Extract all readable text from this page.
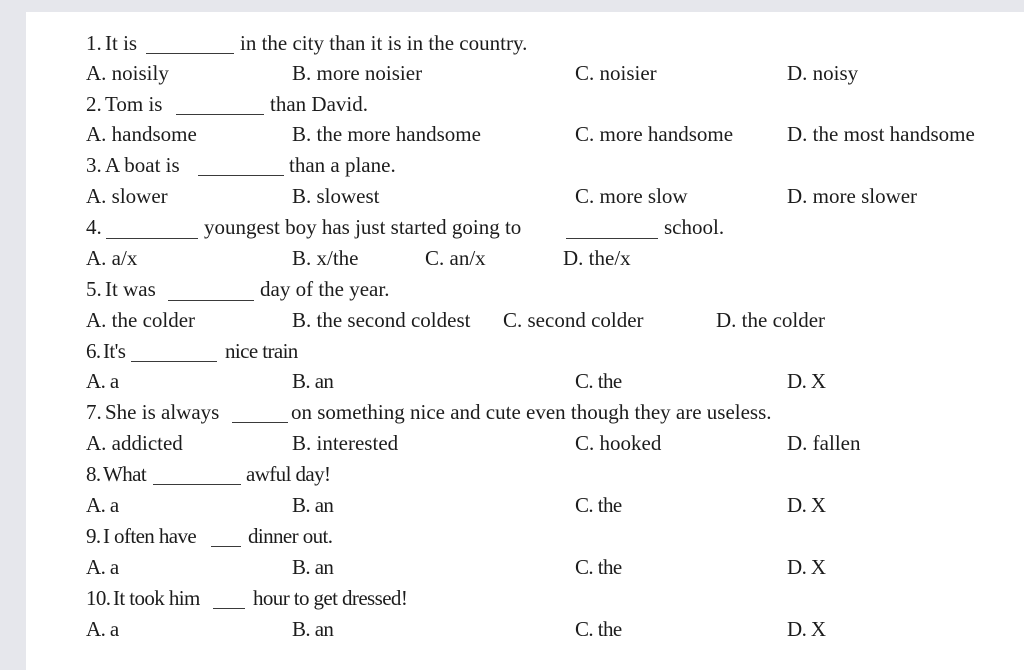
1. It is	in the city than it is in the country.
A. noisily	B. more noisier	C. noisier	D. noisy
2. Tom is	than David.
A. handsome	B. the more handsome	C. more handsome	D. the most handsome
3. A boat is	than a plane.
A. slower	B. slowest	C. more slow	D. more slower
4.	youngest boy has just started going to	school.
A. a/x	B. x/the	C. an/x	D. the/x
5. It was	day of the year.
A. the colder	B. the second coldest C. second colder	D. the colder
6. It's	nice train
A. a	B. an	C. the	D. X
7. She is always	on something nice and cute even though they are useless.
A. addicted	B. interested	C. hooked	D. fallen
8. What	awful day!
A. a	B. an	C. the	D. X
9. I often have dinner out.
A. a	B. an	C. the	D. X
10. It took him	hour to get dressed!
A. a	B. an	C. the	D. X
